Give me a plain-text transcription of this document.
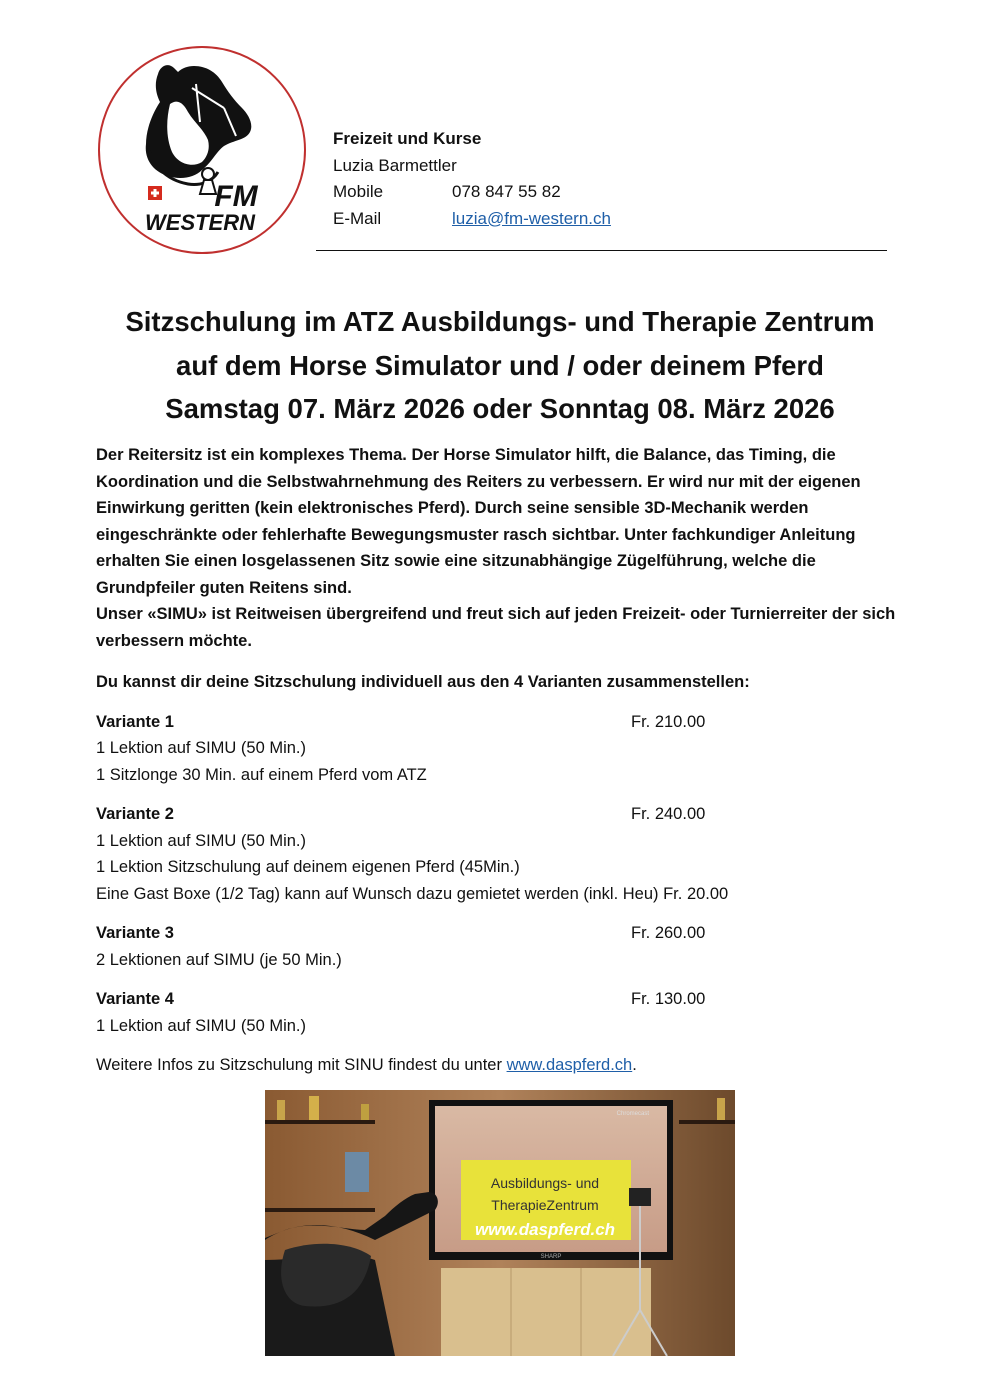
FM
WESTERN
Freizeit und Kurse
Luzia Barmettler
Mobile	078 847 55 82
E-Mail	luzia@fm-western.ch
Sitzschulung im ATZ Ausbildungs- und Therapie Zentrum
auf dem Horse Simulator und / oder deinem Pferd
Samstag 07. März 2026 oder Sonntag 08. März 2026

Der Reitersitz ist ein komplexes Thema. Der Horse Simulator hilft, die Balance, das Timing, die Koordination und die Selbstwahrnehmung des Reiters zu verbessern. Er wird nur mit der eigenen Einwirkung geritten (kein elektronisches Pferd). Durch seine sensible 3D-Mechanik werden eingeschränkte oder fehlerhafte Bewegungsmuster rasch sichtbar. Unter fachkundiger Anleitung erhalten Sie einen losgelassenen Sitz sowie eine sitzunabhängige Zügelführung, welche die Grundpfeiler guten Reitens sind.

Unser «SIMU» ist Reitweisen übergreifend und freut sich auf jeden Freizeit- oder Turnierreiter der sich verbessern möchte.

Du kannst dir deine Sitzschulung individuell aus den 4 Varianten zusammenstellen:
Variante 1	Fr. 210.00
1 Lektion auf SIMU (50 Min.)
1 Sitzlonge 30 Min. auf einem Pferd vom ATZ
Variante 2	Fr. 240.00
1 Lektion auf SIMU (50 Min.)
1 Lektion Sitzschulung auf deinem eigenen Pferd (45Min.)
Eine Gast Boxe (1/2 Tag) kann auf Wunsch dazu gemietet werden (inkl. Heu) Fr. 20.00
Variante 3	Fr. 260.00
2 Lektionen auf SIMU (je 50 Min.)
Variante 4	Fr. 130.00
1 Lektion auf SIMU (50 Min.)
Weitere Infos zu Sitzschulung mit SINU findest du unter www.daspferd.ch.
Ausbildungs- und
TherapieZentrum
www.daspferd.ch
SHARP
Chromecast
